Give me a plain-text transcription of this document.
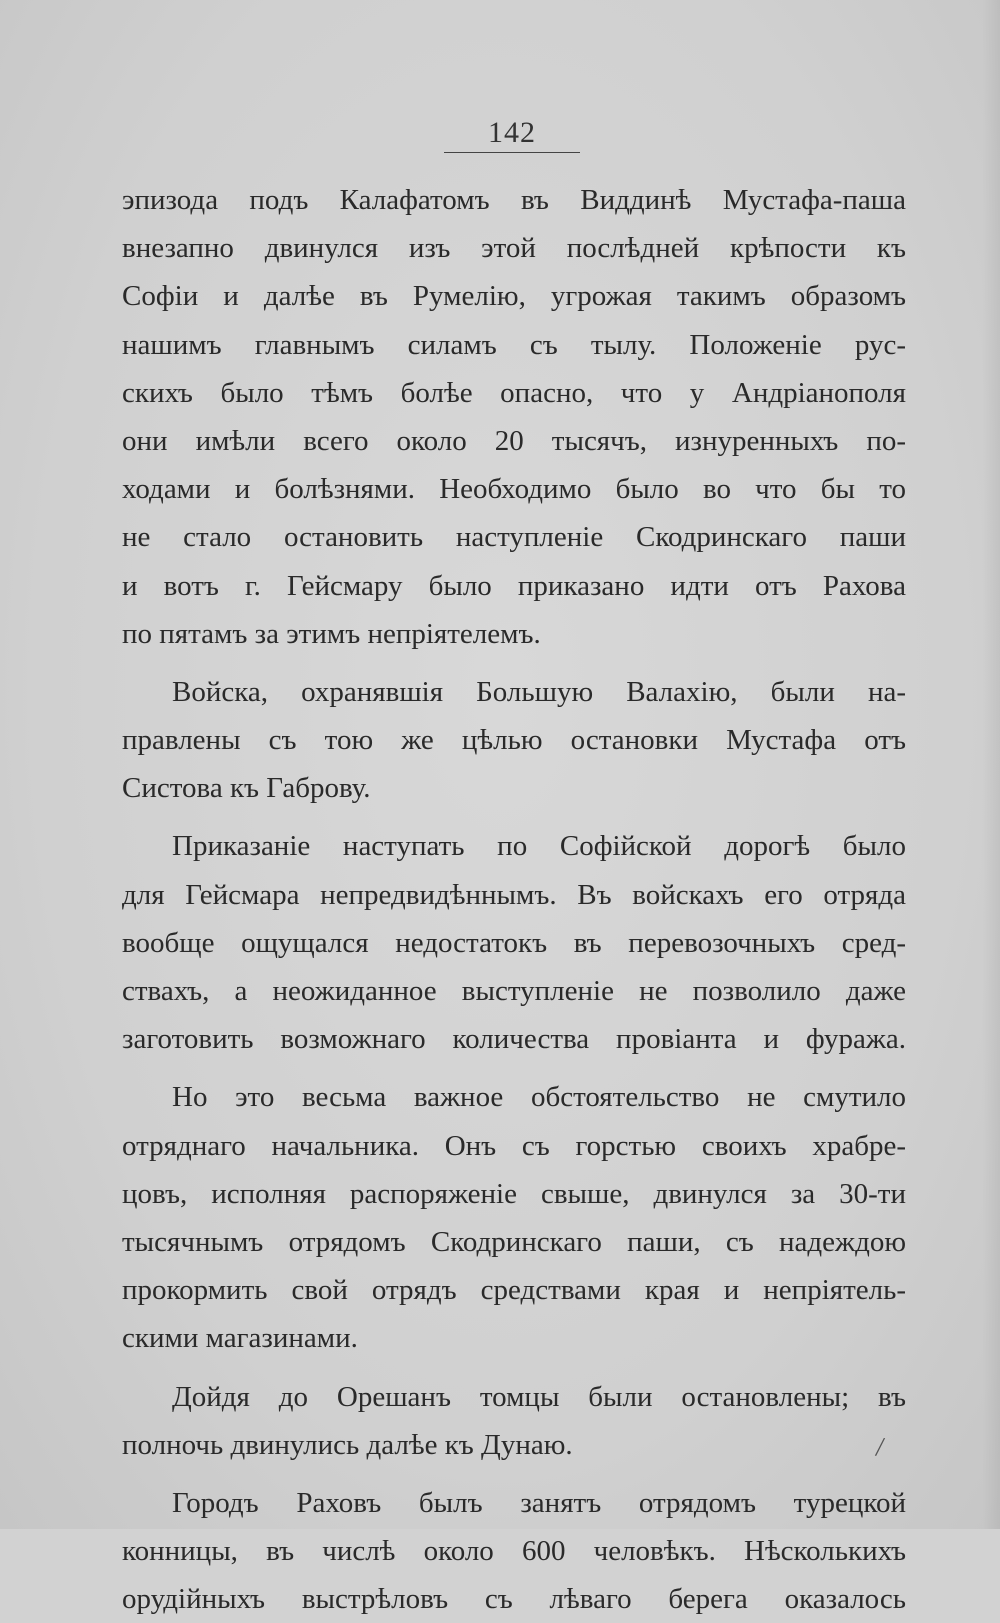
142
эпизода подъ Калафатомъ въ Виддинѣ Мустафа-паша
внезапно двинулся изъ этой послѣдней крѣпости къ
Софіи и далѣе въ Румелію, угрожая такимъ образомъ
нашимъ главнымъ силамъ съ тылу. Положеніе рус-
скихъ было тѣмъ болѣе опасно, что у Андріанополя
они имѣли всего около 20 тысячъ, изнуренныхъ по-
ходами и болѣзнями. Необходимо было во что бы то
не стало остановить наступленіе Скодринскаго паши
и вотъ г. Гейсмару было приказано идти отъ Рахова
по пятамъ за этимъ непріятелемъ.
Войска, охранявшія Большую Валахію, были на-
правлены съ тою же цѣлью остановки Мустафа отъ
Систова къ Габрову.
Приказаніе наступать по Софійской дорогѣ было
для Гейсмара непредвидѣннымъ. Въ войскахъ его отряда
вообще ощущался недостатокъ въ перевозочныхъ сред-
ствахъ, а неожиданное выступленіе не позволило даже
заготовить возможнаго количества провіанта и фуража.
Но это весьма важное обстоятельство не смутило
отряднаго начальника. Онъ съ горстью своихъ храбре-
цовъ, исполняя распоряженіе свыше, двинулся за 30-ти
тысячнымъ отрядомъ Скодринскаго паши, съ надеждою
прокормить свой отрядъ средствами края и непріятель-
скими магазинами.
Дойдя до Орешанъ томцы были остановлены; въ
полночь двинулись далѣе къ Дунаю.
Городъ Раховъ былъ занятъ отрядомъ турецкой
конницы, въ числѣ около 600 человѣкъ. Нѣсколькихъ
орудійныхъ выстрѣловъ съ лѣваго берега оказалось
/
